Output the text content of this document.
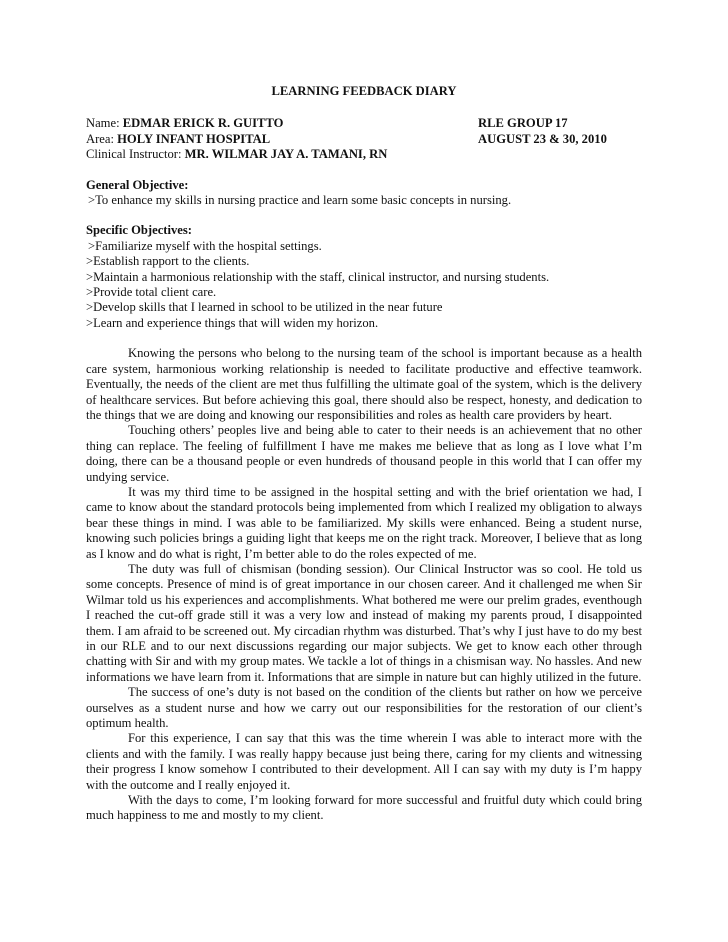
LEARNING FEEDBACK DIARY
Name: EDMAR ERICK R. GUITTO	RLE GROUP 17
Area: HOLY INFANT HOSPITAL	AUGUST 23 & 30, 2010
Clinical Instructor: MR. WILMAR JAY A. TAMANI, RN
General Objective:

>To enhance my skills in nursing practice and learn some basic concepts in nursing.

Specific Objectives:

>Familiarize myself with the hospital settings.

>Establish rapport to the clients.

>Maintain a harmonious relationship with the staff, clinical instructor, and nursing students.

>Provide total client care.

>Develop skills that I learned in school to be utilized in the near future

>Learn and experience things that will widen my horizon.

Knowing the persons who belong to the nursing team of the school is important because as a health care system, harmonious working relationship is needed to facilitate productive and effective teamwork. Eventually, the needs of the client are met thus fulfilling the ultimate goal of the system, which is the delivery of healthcare services. But before achieving this goal, there should also be respect, honesty, and dedication to the things that we are doing and knowing our responsibilities and roles as health care providers by heart.

Touching others’ peoples live and being able to cater to their needs is an achievement that no other thing can replace. The feeling of fulfillment I have me makes me believe that as long as I love what I’m doing, there can be a thousand people or even hundreds of thousand people in this world that I can offer my undying service.

It was my third time to be assigned in the hospital setting and with the brief orientation we had, I came to know about the standard protocols being implemented from which I realized my obligation to always bear these things in mind. I was able to be familiarized. My skills were enhanced. Being a student nurse, knowing such policies brings a guiding light that keeps me on the right track. Moreover, I believe that as long as I know and do what is right, I’m better able to do the roles expected of me.

The duty was full of chismisan (bonding session). Our Clinical Instructor was so cool. He told us some concepts. Presence of mind is of great importance in our chosen career. And it challenged me when Sir Wilmar told us his experiences and accomplishments. What bothered me were our prelim grades, eventhough I reached the cut-off grade still it was a very low and instead of making my parents proud, I disappointed them. I am afraid to be screened out. My circadian rhythm was disturbed. That’s why I just have to do my best in our RLE and to our next discussions regarding our major subjects. We get to know each other through chatting with Sir and with my group mates. We tackle a lot of things in a chismisan way. No hassles. And new informations we have learn from it. Informations that are simple in nature but can highly utilized in the future.

The success of one’s duty is not based on the condition of the clients but rather on how we perceive ourselves as a student nurse and how we carry out our responsibilities for the restoration of our client’s optimum health.

For this experience, I can say that this was the time wherein I was able to interact more with the clients and with the family. I was really happy because just being there, caring for my clients and witnessing their progress I know somehow I contributed to their development. All I can say with my duty is I’m happy with the outcome and I really enjoyed it.

With the days to come, I’m looking forward for more successful and fruitful duty which could bring much happiness to me and mostly to my client.
